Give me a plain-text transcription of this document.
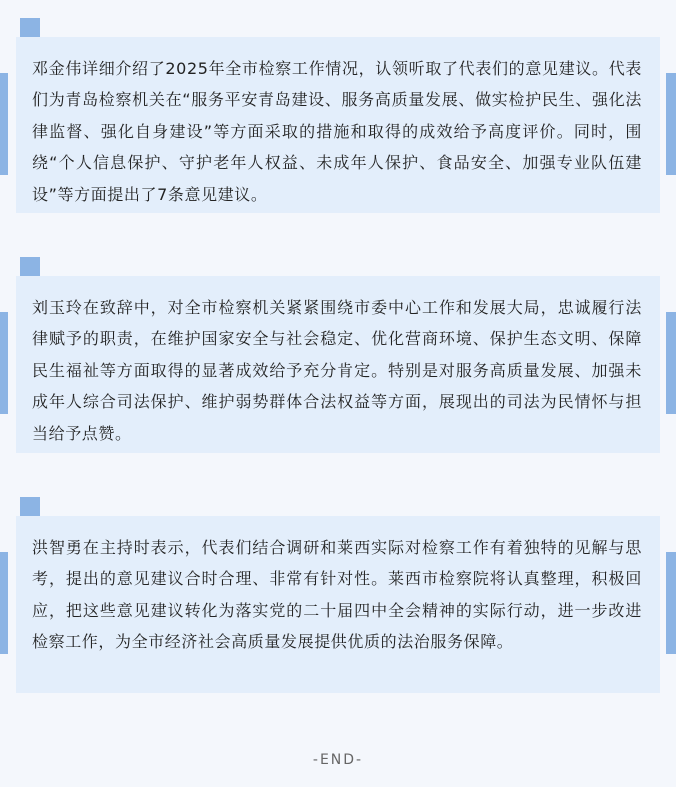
邓金伟详细介绍了2025年全市检察工作情况，认领听取了代表们的意见建议。代表们为青岛检察机关在“服务平安青岛建设、服务高质量发展、做实检护民生、强化法律监督、强化自身建设”等方面采取的措施和取得的成效给予高度评价。同时，围绕“个人信息保护、守护老年人权益、未成年人保护、食品安全、加强专业队伍建设”等方面提出了7条意见建议。

刘玉玲在致辞中，对全市检察机关紧紧围绕市委中心工作和发展大局，忠诚履行法律赋予的职责，在维护国家安全与社会稳定、优化营商环境、保护生态文明、保障民生福祉等方面取得的显著成效给予充分肯定。特别是对服务高质量发展、加强未成年人综合司法保护、维护弱势群体合法权益等方面，展现出的司法为民情怀与担当给予点赞。

洪智勇在主持时表示，代表们结合调研和莱西实际对检察工作有着独特的见解与思考，提出的意见建议合时合理、非常有针对性。莱西市检察院将认真整理，积极回应，把这些意见建议转化为落实党的二十届四中全会精神的实际行动，进一步改进检察工作，为全市经济社会高质量发展提供优质的法治服务保障。

-END-
